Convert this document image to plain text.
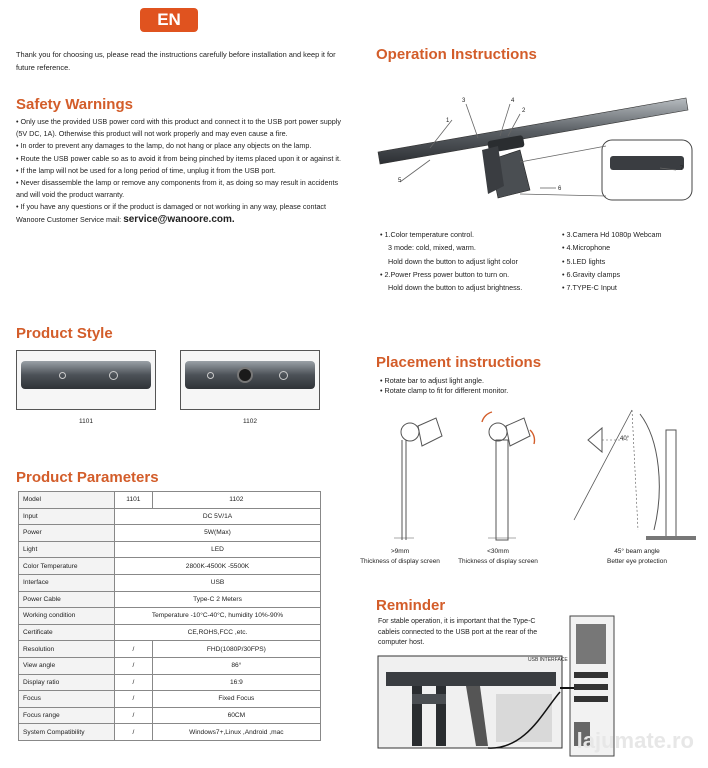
EN
Thank you for choosing us, please read the instructions carefully before installation and keep it for future reference.
Safety Warnings
• Only use the provided USB power cord with this product and connect it to the USB port power supply (5V DC, 1A). Otherwise this product will not work properly and may even cause a fire.
• In order to prevent any damages to the lamp, do not hang or place any objects on the lamp.
• Route the USB power cable so as to avoid it from being pinched by items placed upon it or against it.
• If the lamp will not be used for a long period of time, unplug it from the USB port.
• Never disassemble the lamp or remove any components from it, as doing so may result in accidents and will void the product warranty.
• If you have any questions or if the product is damaged or not working in any way, please contact Wanoore Customer Service mail: service@wanoore.com.
Product Style
1101	1102
Product Parameters
Model	1101	1102
Input	DC 5V/1A	
Power	5W(Max)	
Light	LED	
Color Temperature	2800K-4500K -5500K	
Interface	USB	
Power Cable	Type-C 2 Meters	
Working condition	Temperature -10°C-40°C, humidity 10%-90%	
Certificate	CE,ROHS,FCC ,etc.	
Resolution	/	FHD(1080P/30FPS)
View angle	/	86°
Display ratio	/	16:9
Focus	/	Fixed Focus
Focus range	/	60CM
System Compatibility	/	Windows7+,Linux ,Android ,mac
Operation Instructions
3	4
2
1
5
6
7
• 1.Color temperature control.
3 mode: cold, mixed, warm.
Hold down the button to adjust light color
• 2.Power Press power button to turn on.
Hold down the button to adjust brightness.
• 3.Camera Hd 1080p Webcam
• 4.Microphone
• 5.LED lights
• 6.Gravity clamps
• 7.TYPE-C Input
Placement instructions
• Rotate bar to adjust light angle.
• Rotate clamp to fit for different monitor.
40°
>9mm
Thickness of display screen
<30mm
Thickness of display screen
45° beam angle
Better eye protection
Reminder
For stable operation, it is important that the Type-C cableis connected to the USB port at the rear of the computer host.
USB INTERFACE
lajumate.ro
